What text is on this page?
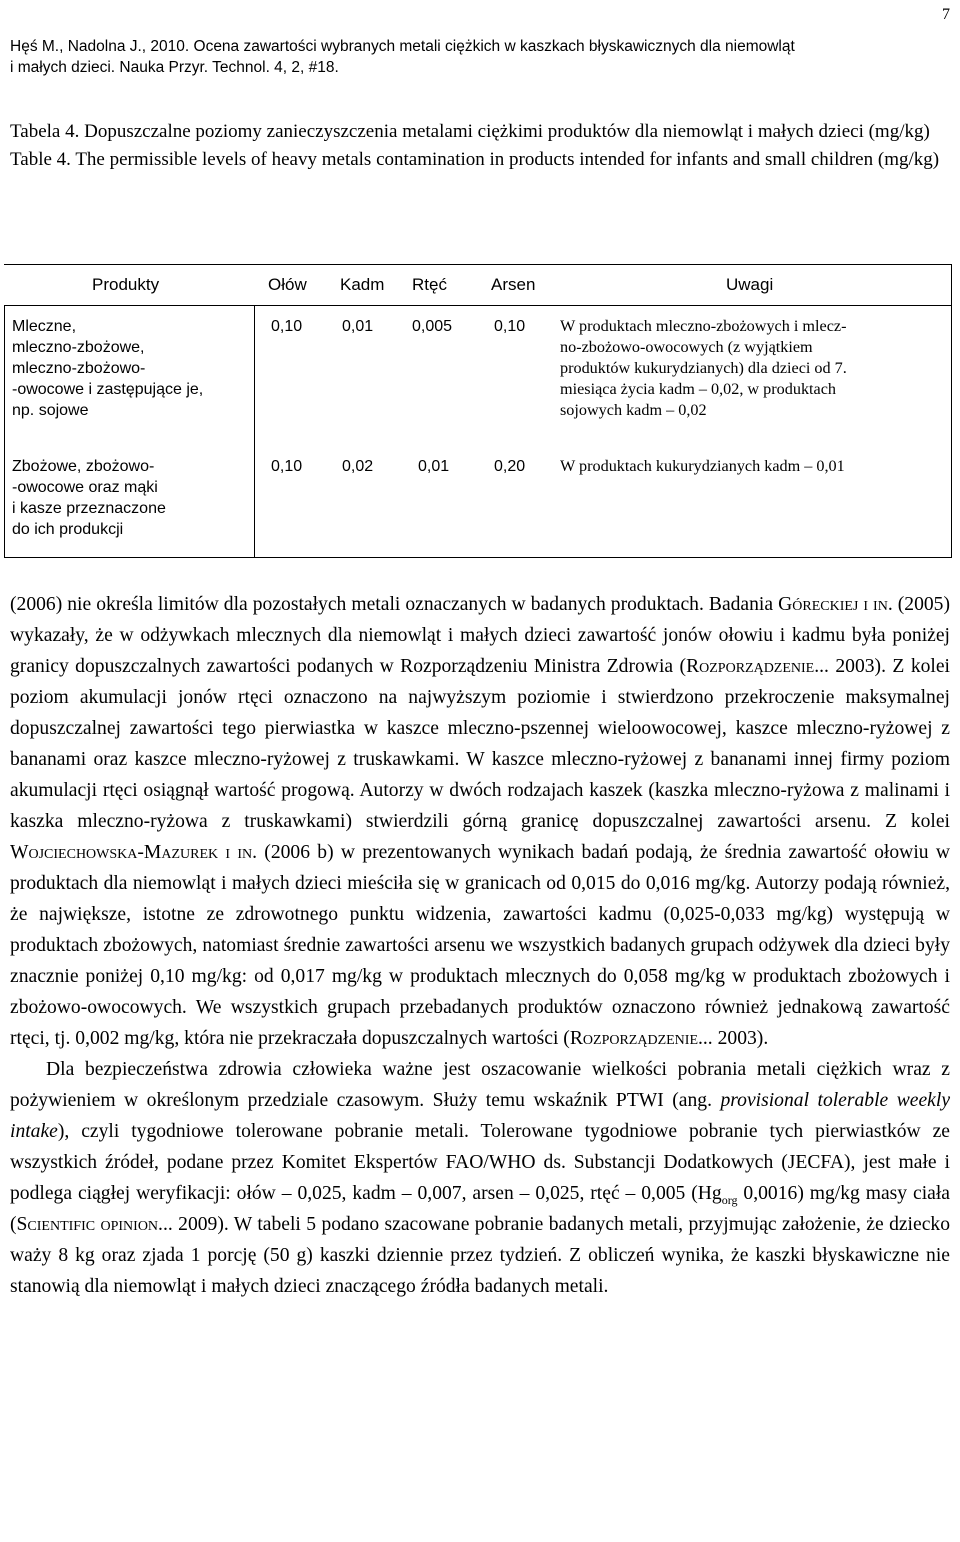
7
Hęś M., Nadolna J., 2010. Ocena zawartości wybranych metali ciężkich w kaszkach błyskawicznych dla niemowląt
i małych dzieci. Nauka Przyr. Technol. 4, 2, #18.

Tabela 4. Dopuszczalne poziomy zanieczyszczenia metalami ciężkimi produktów dla niemowląt i małych dzieci (mg/kg)

Table 4. The permissible levels of heavy metals contamination in products intended for infants and small children (mg/kg)

Produkty	Ołów Kadm Rtęć	Arsen	Uwagi
Mleczne,
mleczno-zbożowe,
mleczno-zbożowo-
-owocowe i zastępujące je,
np. sojowe
0,10 0,01 0,005	0,10 W produktach mleczno-zbożowych i mlecz-
no-zbożowo-owocowych (z wyjątkiem
produktów kukurydzianych) dla dzieci od 7.
miesiąca życia kadm – 0,02, w produktach
sojowych kadm – 0,02
Zbożowe, zbożowo-
-owocowe oraz mąki
i kasze przeznaczone
do ich produkcji
0,10 0,02	0,01	0,20 W produktach kukurydzianych kadm – 0,01

(2006) nie określa limitów dla pozostałych metali oznaczanych w badanych produktach. Badania Góreckiej i in. (2005) wykazały, że w odżywkach mlecznych dla niemowląt i małych dzieci zawartość jonów ołowiu i kadmu była poniżej granicy dopuszczalnych zawartości podanych w Rozporządzeniu Ministra Zdrowia (Rozporządzenie... 2003). Z kolei poziom akumulacji jonów rtęci oznaczono na najwyższym poziomie i stwierdzono przekroczenie maksymalnej dopuszczalnej zawartości tego pierwiastka w kaszce mleczno-pszennej wieloowocowej, kaszce mleczno-ryżowej z bananami oraz kaszce mleczno-ryżowej z truskawkami. W kaszce mleczno-ryżowej z bananami innej firmy poziom akumulacji rtęci osiągnął wartość progową. Autorzy w dwóch rodzajach kaszek (kaszka mleczno-ryżowa z malinami i kaszka mleczno-ryżowa z truskawkami) stwierdzili górną granicę dopuszczalnej zawartości arsenu. Z kolei Wojciechowska-Mazurek i in. (2006 b) w prezentowanych wynikach badań podają, że średnia zawartość ołowiu w produktach dla niemowląt i małych dzieci mieściła się w granicach od 0,015 do 0,016 mg/kg. Autorzy podają również, że największe, istotne ze zdrowotnego punktu widzenia, zawartości kadmu (0,025-0,033 mg/kg) występują w produktach zbożowych, natomiast średnie zawartości arsenu we wszystkich badanych grupach odżywek dla dzieci były znacznie poniżej 0,10 mg/kg: od 0,017 mg/kg w produktach mlecznych do 0,058 mg/kg w produktach zbożowych i zbożowo-owocowych. We wszystkich grupach przebadanych produktów oznaczono również jednakową zawartość rtęci, tj. 0,002 mg/kg, która nie przekraczała dopuszczalnych wartości (Rozporządzenie... 2003).

Dla bezpieczeństwa zdrowia człowieka ważne jest oszacowanie wielkości pobrania metali ciężkich wraz z pożywieniem w określonym przedziale czasowym. Służy temu wskaźnik PTWI (ang. provisional tolerable weekly intake), czyli tygodniowe tolerowane pobranie metali. Tolerowane tygodniowe pobranie tych pierwiastków ze wszystkich źródeł, podane przez Komitet Ekspertów FAO/WHO ds. Substancji Dodatkowych (JECFA), jest małe i podlega ciągłej weryfikacji: ołów – 0,025, kadm – 0,007, arsen – 0,025, rtęć – 0,005 ($Hg_{org}$ 0,0016) mg/kg masy ciała (Scientific opinion... 2009). W tabeli 5 podano szacowane pobranie badanych metali, przyjmując założenie, że dziecko waży 8 kg oraz zjada 1 porcję (50 g) kaszki dziennie przez tydzień. Z obliczeń wynika, że kaszki błyskawiczne nie stanowią dla niemowląt i małych dzieci znaczącego źródła badanych metali.
